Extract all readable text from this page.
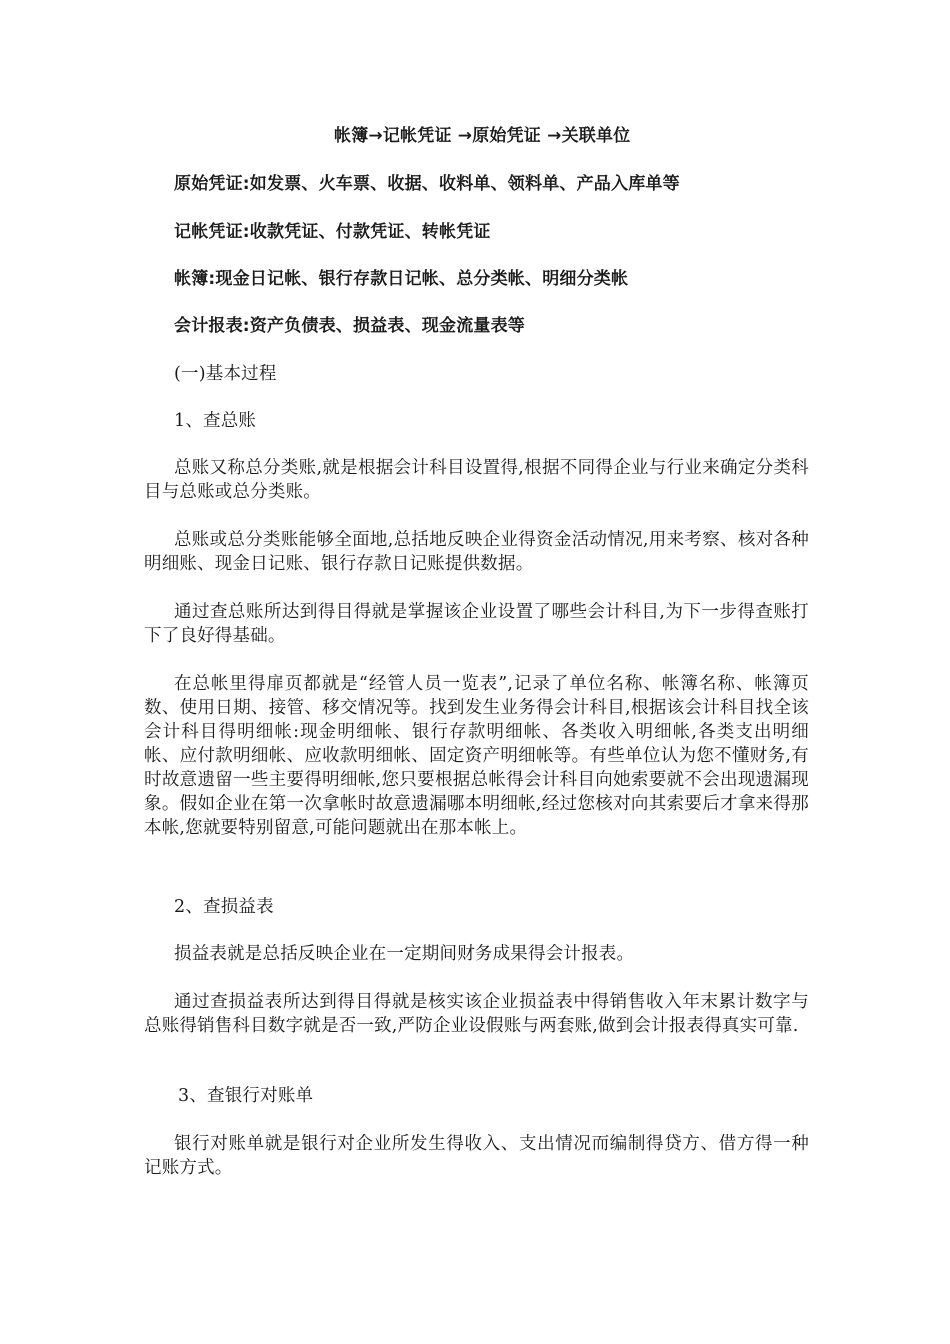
帐簿→记帐凭证 →原始凭证 →关联单位

原始凭证:如发票、火车票、收据、收料单、领料单、产品入库单等

记帐凭证:收款凭证、付款凭证、转帐凭证

帐簿:现金日记帐、银行存款日记帐、总分类帐、明细分类帐

会计报表:资产负债表、损益表、现金流量表等

(一)基本过程

1、查总账

总账又称总分类账,就是根据会计科目设置得,根据不同得企业与行业来确定分类科目与总账或总分类账。

总账或总分类账能够全面地,总括地反映企业得资金活动情况,用来考察、核对各种明细账、现金日记账、银行存款日记账提供数据。

通过查总账所达到得目得就是掌握该企业设置了哪些会计科目,为下一步得查账打下了良好得基础。

在总帐里得扉页都就是“经管人员一览表”,记录了单位名称、帐簿名称、帐簿页数、使用日期、接管、移交情况等。找到发生业务得会计科目,根据该会计科目找全该会计科目得明细帐:现金明细帐、银行存款明细帐、各类收入明细帐,各类支出明细帐、应付款明细帐、应收款明细帐、固定资产明细帐等。有些单位认为您不懂财务,有时故意遗留一些主要得明细帐,您只要根据总帐得会计科目向她索要就不会出现遗漏现象。假如企业在第一次拿帐时故意遗漏哪本明细帐,经过您核对向其索要后才拿来得那本帐,您就要特别留意,可能问题就出在那本帐上。

2、查损益表

损益表就是总括反映企业在一定期间财务成果得会计报表。

通过查损益表所达到得目得就是核实该企业损益表中得销售收入年末累计数字与总账得销售科目数字就是否一致,严防企业设假账与两套账,做到会计报表得真实可靠.

3、查银行对账单

银行对账单就是银行对企业所发生得收入、支出情况而编制得贷方、借方得一种记账方式。
